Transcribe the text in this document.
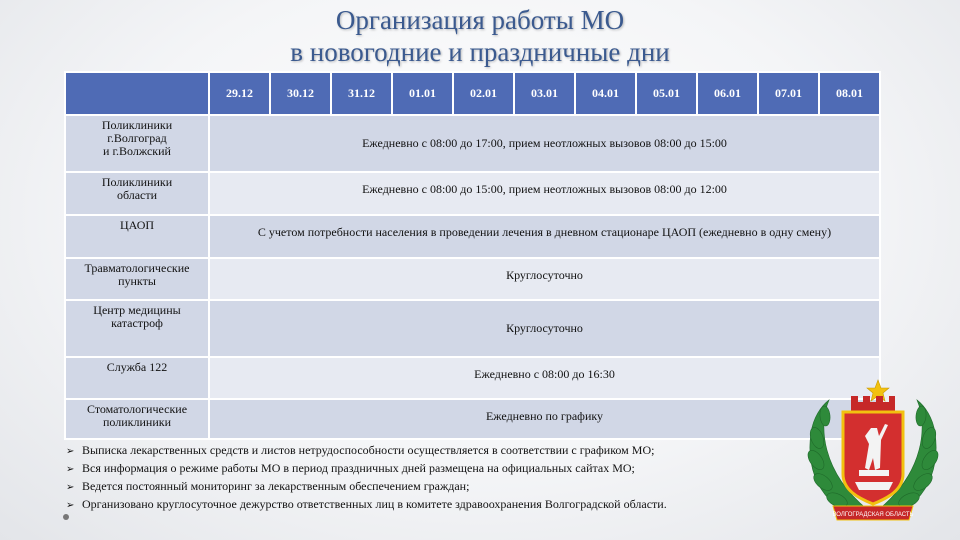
Организация работы МО
в новогодние и праздничные дни
	29.12	30.12	31.12	01.01	02.01	03.01	04.01	05.01	06.01	07.01	08.01

Поликлиники
г.Волгоград
и г.Волжский	Ежедневно с 08:00 до 17:00, прием неотложных вызовов 08:00 до 15:00										

Поликлиники
области	Ежедневно с 08:00 до 15:00, прием неотложных вызовов 08:00 до 12:00										

ЦАОП	С учетом потребности населения в проведении лечения в дневном стационаре ЦАОП (ежедневно в одну смену)										

Травматологические
пункты	Круглосуточно										

Центр медицины
катастроф	Круглосуточно										

Служба 122	Ежедневно с 08:00 до 16:30										

Стоматологические
поликлиники	Ежедневно по графику										
➢ Выписка лекарственных средств и листов нетрудоспособности осуществляется в соответствии с графиком МО;
➢ Вся информация о режиме работы МО в период праздничных дней размещена на официальных сайтах МО;
➢ Ведется постоянный мониторинг за лекарственным обеспечением граждан;
➢ Организовано круглосуточное дежурство ответственных лиц в комитете здравоохранения Волгоградской области.
ВОЛГОГРАДСКАЯ ОБЛАСТЬ
